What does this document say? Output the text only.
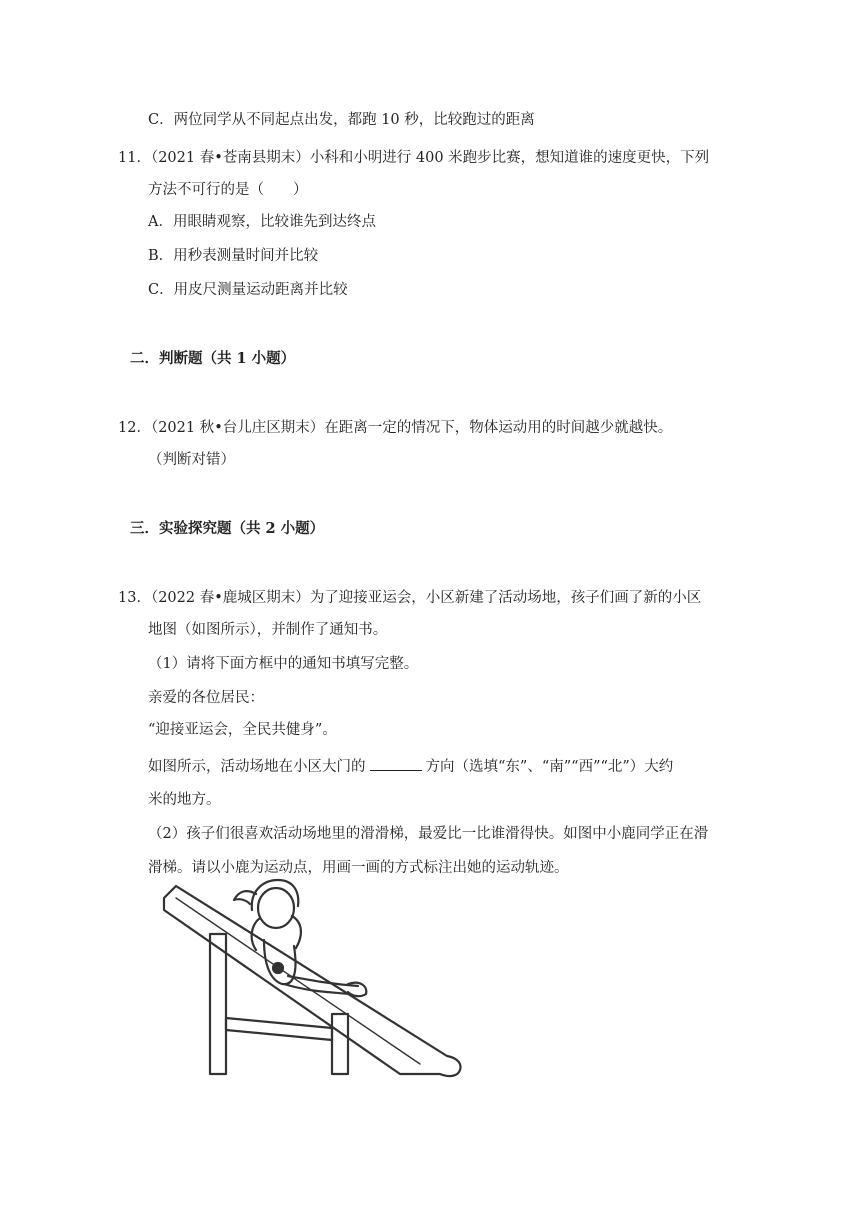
C．两位同学从不同起点出发，都跑 10 秒，比较跑过的距离
11．（2021 春•苍南县期末）小科和小明进行 400 米跑步比赛，想知道谁的速度更快，下列
方法不可行的是（　　）
A．用眼睛观察，比较谁先到达终点
B．用秒表测量时间并比较
C．用皮尺测量运动距离并比较
二．判断题（共 1 小题）
12．（2021 秋•台儿庄区期末）在距离一定的情况下，物体运动用的时间越少就越快。
（判断对错）
三．实验探究题（共 2 小题）
13．（2022 春•鹿城区期末）为了迎接亚运会，小区新建了活动场地，孩子们画了新的小区
地图（如图所示），并制作了通知书。
（1）请将下面方框中的通知书填写完整。
亲爱的各位居民：
“迎接亚运会，全民共健身”。
如图所示，活动场地在小区大门的	方向（选填“东”、“南”“西”“北”）大约
米的地方。
（2）孩子们很喜欢活动场地里的滑滑梯，最爱比一比谁滑得快。如图中小鹿同学正在滑
滑梯。请以小鹿为运动点，用画一画的方式标注出她的运动轨迹。
